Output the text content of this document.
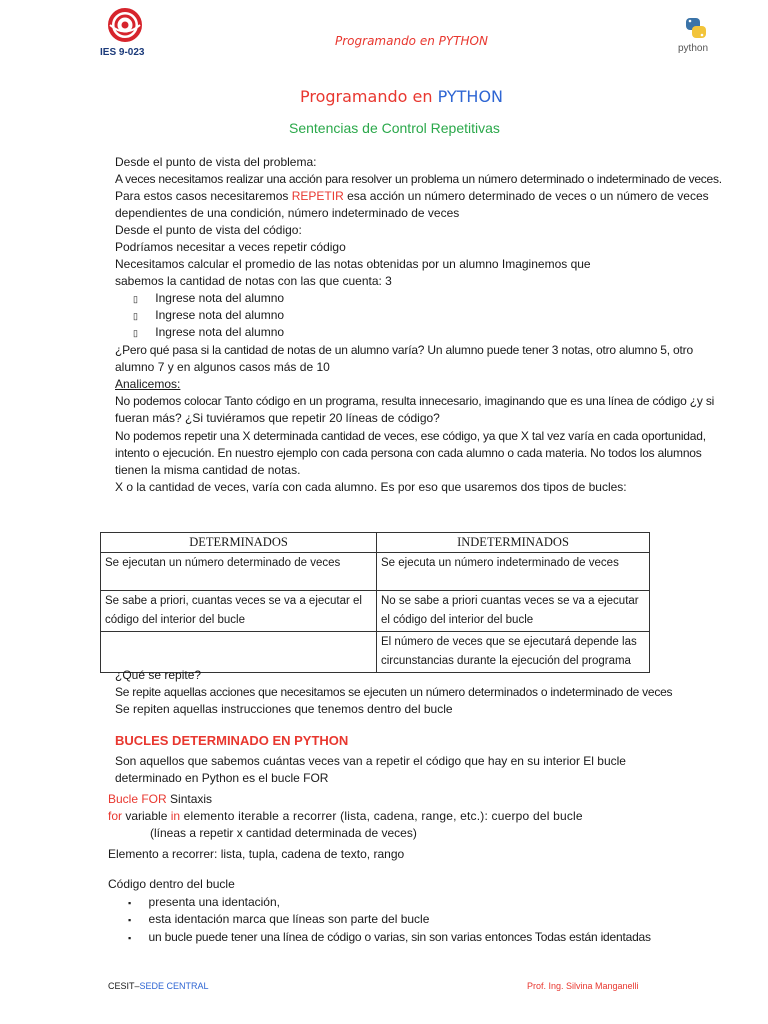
IES 9-023
Programando en PYTHON
python
Programando en PYTHON
Sentencias de Control Repetitivas
Desde el punto de vista del problema:
A veces necesitamos realizar una acción para resolver un problema un número determinado o indeterminado de veces.
Para estos casos necesitaremos REPETIR esa acción un número determinado de veces o un número de veces
dependientes de una condición, número indeterminado de veces
Desde el punto de vista del código:
Podríamos necesitar a veces repetir código
Necesitamos calcular el promedio de las notas obtenidas por un alumno Imaginemos que
sabemos la cantidad de notas con las que cuenta: 3
▯ Ingrese nota del alumno
▯ Ingrese nota del alumno
▯ Ingrese nota del alumno
¿Pero qué pasa si la cantidad de notas de un alumno varía? Un alumno puede tener 3 notas, otro alumno 5, otro
alumno 7 y en algunos casos más de 10
Analicemos:
No podemos colocar Tanto código en un programa, resulta innecesario, imaginando que es una línea de código ¿y si
fueran más? ¿Si tuviéramos que repetir 20 líneas de código?
No podemos repetir una X determinada cantidad de veces, ese código, ya que X tal vez varía en cada oportunidad,
intento o ejecución. En nuestro ejemplo con cada persona con cada alumno o cada materia. No todos los alumnos
tienen la misma cantidad de notas.
X o la cantidad de veces, varía con cada alumno. Es por eso que usaremos dos tipos de bucles:
DETERMINADOS	INDETERMINADOS
Se ejecutan un número determinado de veces	Se ejecuta un número indeterminado de veces
Se sabe a priori, cuantas veces se va a ejecutar el código del interior del bucle	No se sabe a priori cuantas veces se va a ejecutar el código del interior del bucle
	El número de veces que se ejecutará depende las circunstancias durante la ejecución del programa
¿Qué se repite?
Se repite aquellas acciones que necesitamos se ejecuten un número determinados o indeterminado de veces
Se repiten aquellas instrucciones que tenemos dentro del bucle
BUCLES DETERMINADO EN PYTHON
Son aquellos que sabemos cuántas veces van a repetir el código que hay en su interior El bucle
determinado en Python es el bucle FOR
Bucle FOR Sintaxis
for variable in elemento iterable a recorrer (lista, cadena, range, etc.): cuerpo del bucle
(líneas a repetir x cantidad determinada de veces)
Elemento a recorrer: lista, tupla, cadena de texto, rango
Código dentro del bucle
▪ presenta una identación,
▪ esta identación marca que líneas son parte del bucle
▪ un bucle puede tener una línea de código o varias, sin son varias entonces Todas están identadas
CESIT–SEDE CENTRAL	Prof. Ing. Silvina Manganelli
